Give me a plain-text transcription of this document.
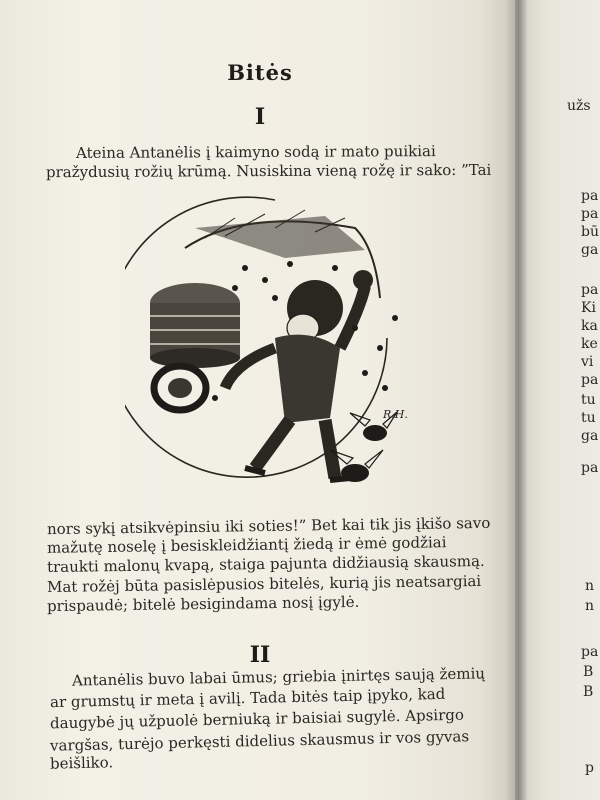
užs
pa
pa
bū
ga
pa
Ki
ka
ke
vi
pa
tu
tu
ga
pa
n
n
pa
B
B
p
Bitės
I
Ateina Antanėlis į kaimyno sodą ir mato puikiai
pražydusių rožių krūmą. Nusiskina vieną rožę ir sako: ”Tai
R.H.
nors sykį atsikvėpinsiu iki soties!” Bet kai tik jis įkišo savo
mažutę noselę į besiskleidžiantį žiedą ir ėmė godžiai
traukti malonų kvapą, staiga pajunta didžiausią skausmą.
Mat rožėj būta pasislėpusios bitelės, kurią jis neatsargiai
prispaudė; bitelė besigindama nosį įgylė.
II
Antanėlis buvo labai ūmus; griebia įnirtęs saują žemių
ar grumstų ir meta į avilį. Tada bitės taip įpyko, kad
daugybė jų užpuolė berniuką ir baisiai sugylė. Apsirgo
vargšas, turėjo perkęsti didelius skausmus ir vos gyvas
beišliko.
